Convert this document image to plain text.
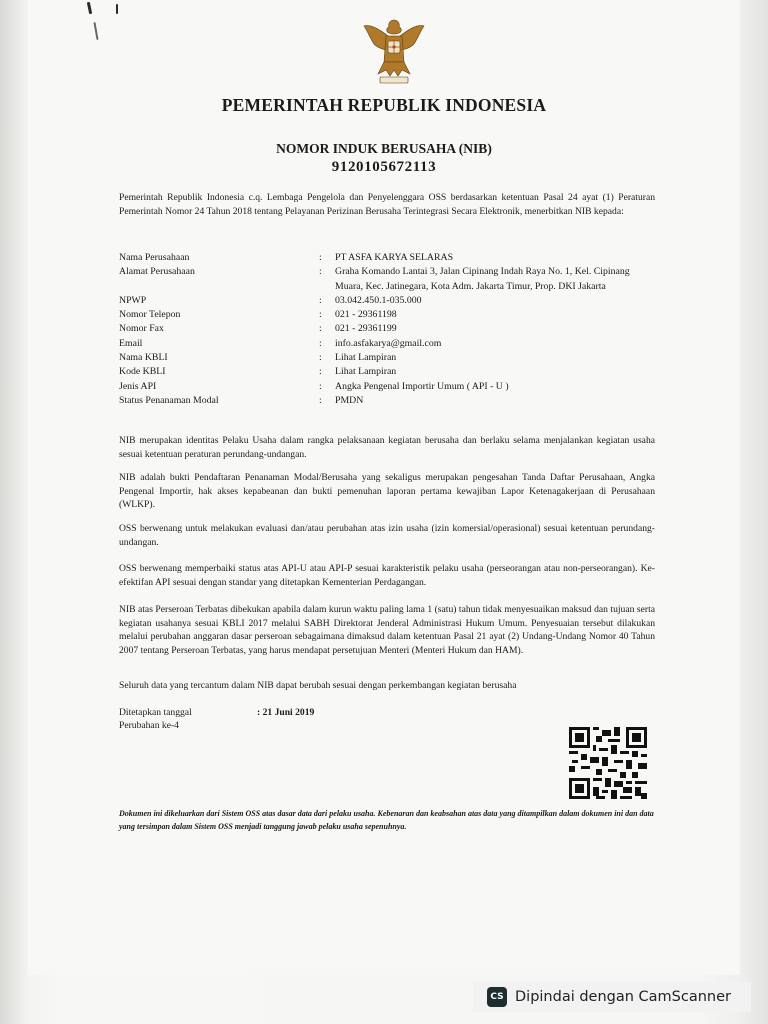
PEMERINTAH REPUBLIK INDONESIA
NOMOR INDUK BERUSAHA (NIB)
9120105672113
Pemerintah Republik Indonesia c.q. Lembaga Pengelola dan Penyelenggara OSS berdasarkan ketentuan Pasal 24 ayat (1) Peraturan Pemerintah Nomor 24 Tahun 2018 tentang Pelayanan Perizinan Berusaha Terintegrasi Secara Elektronik, menerbitkan NIB kepada:
Nama Perusahaan	:	PT ASFA KARYA SELARAS
Alamat Perusahaan	:	Graha Komando Lantai 3, Jalan Cipinang Indah Raya No. 1, Kel. Cipinang Muara, Kec. Jatinegara, Kota Adm. Jakarta Timur, Prop. DKI Jakarta
NPWP	:	03.042.450.1-035.000
Nomor Telepon	:	021 - 29361198
Nomor Fax	:	021 - 29361199
Email	:	info.asfakarya@gmail.com
Nama KBLI	:	Lihat Lampiran
Kode KBLI	:	Lihat Lampiran
Jenis API	:	Angka Pengenal Importir Umum ( API - U )
Status Penanaman Modal	:	PMDN
NIB merupakan identitas Pelaku Usaha dalam rangka pelaksanaan kegiatan berusaha dan berlaku selama menjalankan kegiatan usaha sesuai ketentuan peraturan perundang-undangan.
NIB adalah bukti Pendaftaran Penanaman Modal/Berusaha yang sekaligus merupakan pengesahan Tanda Daftar Perusahaan, Angka Pengenal Importir, hak akses kepabeanan dan bukti pemenuhan laporan pertama kewajiban Lapor Ketenagakerjaan di Perusahaan (WLKP).
OSS berwenang untuk melakukan evaluasi dan/atau perubahan atas izin usaha (izin komersial/operasional) sesuai ketentuan perundang-undangan.
OSS berwenang memperbaiki status atas API-U atau API-P sesuai karakteristik pelaku usaha (perseorangan atau non-perseorangan). Ke-efektifan API sesuai dengan standar yang ditetapkan Kementerian Perdagangan.
NIB atas Perseroan Terbatas dibekukan apabila dalam kurun waktu paling lama 1 (satu) tahun tidak menyesuaikan maksud dan tujuan serta kegiatan usahanya sesuai KBLI 2017 melalui SABH Direktorat Jenderal Administrasi Hukum Umum. Penyesuaian tersebut dilakukan melalui perubahan anggaran dasar perseroan sebagaimana dimaksud dalam ketentuan Pasal 21 ayat (2) Undang-Undang Nomor 40 Tahun 2007 tentang Perseroan Terbatas, yang harus mendapat persetujuan Menteri (Menteri Hukum dan HAM).
Seluruh data yang tercantum dalam NIB dapat berubah sesuai dengan perkembangan kegiatan berusaha
Ditetapkan tanggal	: 21 Juni 2019
Perubahan ke-4
Dokumen ini dikeluarkan dari Sistem OSS atas dasar data dari pelaku usaha. Kebenaran dan keabsahan atas data yang ditampilkan dalam dokumen ini dan data yang tersimpan dalam Sistem OSS menjadi tanggung jawab pelaku usaha sepenuhnya.
CS Dipindai dengan CamScanner
